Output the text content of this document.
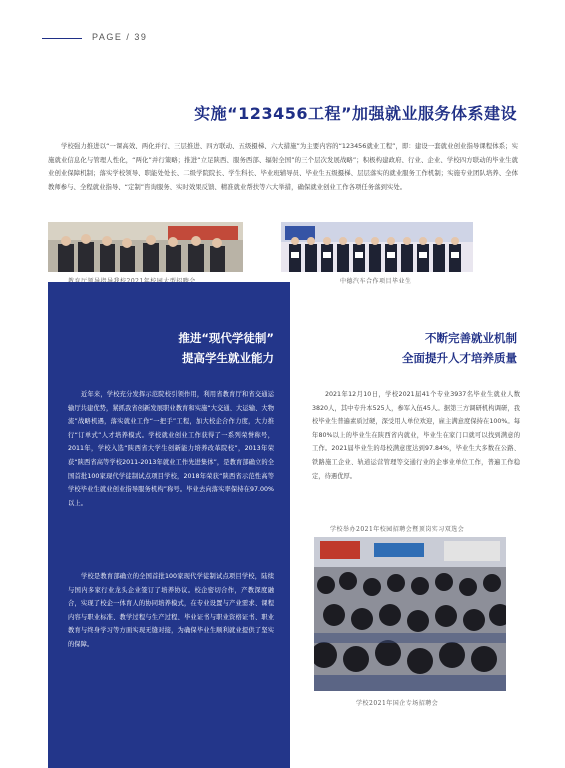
PAGE / 39
实施“123456工程”加强就业服务体系建设

学校强力推进以“一课高效、两化并行、三层推进、四方联动、五级摄梯、六大措施”为主要内容的“123456就业工程”，即：建设一套就业创业指导课程体系；实施就业信息化与管理人性化，“两化”并行策略；推进“立足陕西、服务西部、辐射全国”的三个层次发展战略”；积极构建政府、行业、企业、学校四方联动的毕业生就业创业保障机制；落实学校领导、职能处处长、二级学院院长、学生科长、毕业班辅导员、毕业生五级摄梯、层层落实的就业服务工作机制；实施专业团队培养、全体教师参与、全程就业指导、“定制”咨询服务、实时效果反馈、精准就业帮扶等六大举措，确保就业创业工作各项任务落到实处。

中德汽车合作项目毕业生
推进“现代学徒制”
提高学生就业能力

近年来，学校充分发挥示范院校引领作用，利用省教育厅和省交通运输厅共建优势，紧抓我省创新发展职业教育和实施“大交通、大运输、大物流”战略机遇，落实就业工作“一把手”工程，加大校企合作力度，大力推行“订单式”人才培养模式。学校就业创业工作获得了一系列荣誉称号，2011年，学校入选“陕西省大学生创新能力培养改革院校”，2013年荣获“陕西省高等学校2011-2013年就业工作先进集体”，是教育部确立的全国首批100家现代学徒制试点项目学校，2018年荣获“陕西省示范性高等学校毕业生就业创业指导服务机构”称号。毕业去向落实率保持在97.00%以上。

学校是教育部确立的全国首批100家现代学徒制试点项目学校，陆续与国内多家行业龙头企业签订了培养协议。校企密切合作，产教深度融合，实现了校企一体育人的协同培养模式，在专业设置与产业需求、课程内容与职业标准、教学过程与生产过程、毕业证书与职业资格证书、职业教育与终身学习等方面实现无缝对接，为确保毕业生顺利就业提供了坚实的保障。

不断完善就业机制
全面提升人才培养质量

2021年12月10日，学校2021届41个专业3937名毕业生就业人数3820人，其中专升本525人，参军入伍45人。据第三方调研机构调研，我校毕业生普遍素质过硬，深受用人单位欢迎，雇主满意度保持在100%。每年80%以上的毕业生在陕西省内就业，毕业生在家门口就可以找到满意的工作。2021届毕业生的母校满意度达到97.84%，毕业生大多数在公路、铁路施工企业、轨道运营管理等交通行业的企事业单位工作，普遍工作稳定，待遇优厚。

学校举办2021年校园招聘会暨顶岗实习双选会
学校2021年国企专场招聘会
